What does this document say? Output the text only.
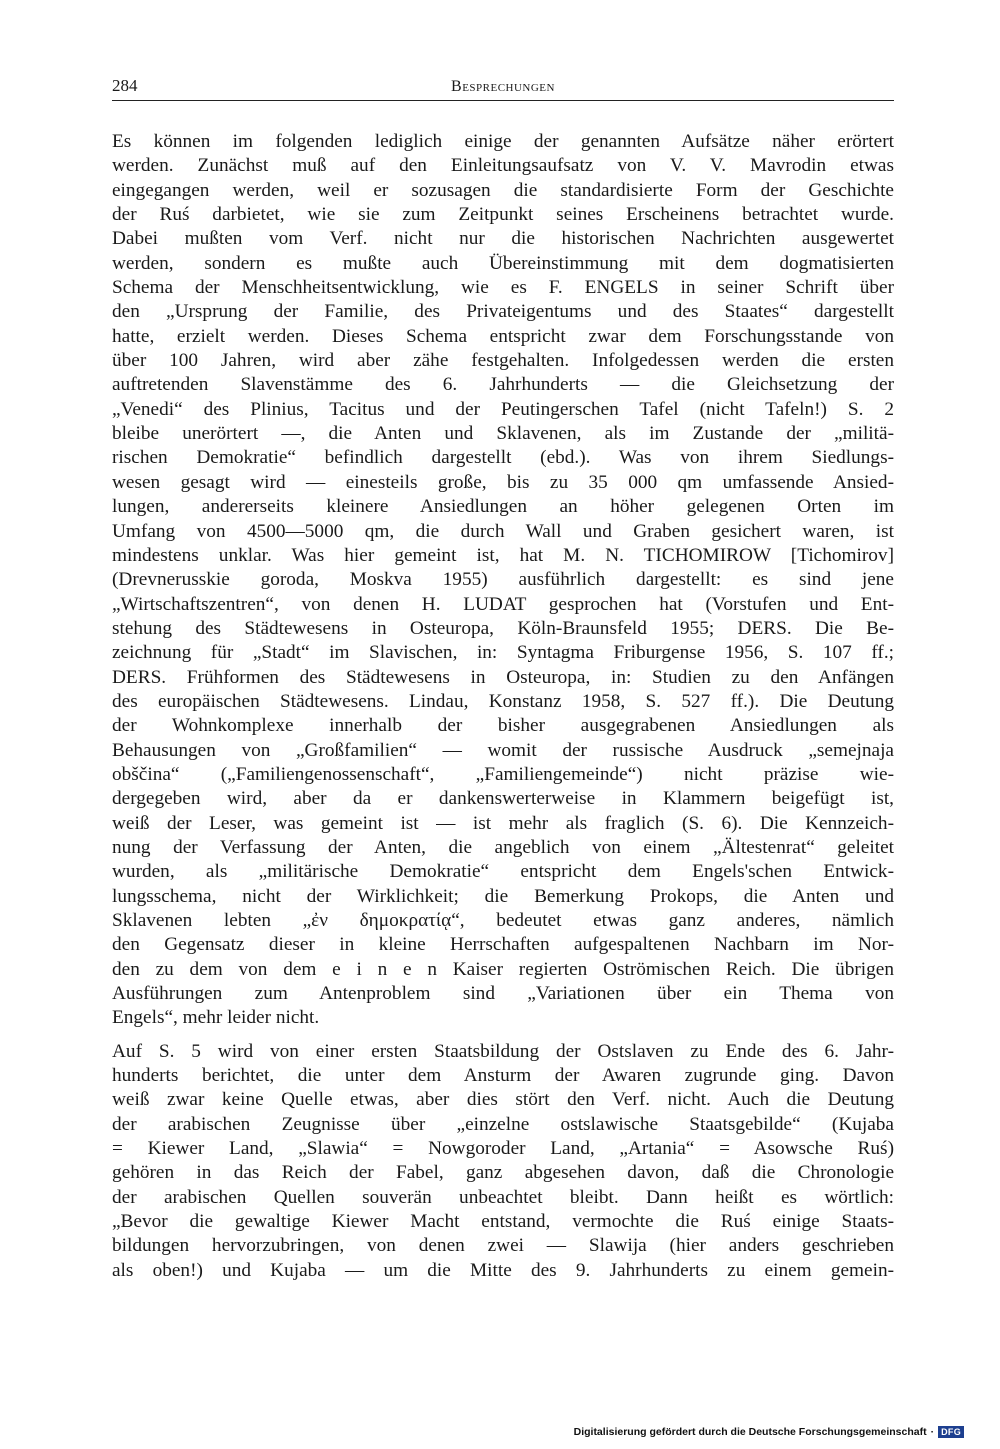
284	Besprechungen

Es können im folgenden lediglich einige der genannten Aufsätze näher erörtert
werden. Zunächst muß auf den Einleitungsaufsatz von V. V. Mavrodin etwas
eingegangen werden, weil er sozusagen die standardisierte Form der Geschichte
der Ruś darbietet, wie sie zum Zeitpunkt seines Erscheinens betrachtet wurde.
Dabei mußten vom Verf. nicht nur die historischen Nachrichten ausgewertet
werden, sondern es mußte auch Übereinstimmung mit dem dogmatisierten
Schema der Menschheitsentwicklung, wie es F. ENGELS in seiner Schrift über
den „Ursprung der Familie, des Privateigentums und des Staates“ dargestellt
hatte, erzielt werden. Dieses Schema entspricht zwar dem Forschungsstande von
über 100 Jahren, wird aber zähe festgehalten. Infolgedessen werden die ersten
auftretenden Slavenstämme des 6. Jahrhunderts — die Gleichsetzung der
„Venedi“ des Plinius, Tacitus und der Peutingerschen Tafel (nicht Tafeln!) S. 2
bleibe unerörtert —, die Anten und Sklavenen, als im Zustande der „militä-
rischen Demokratie“ befindlich dargestellt (ebd.). Was von ihrem Siedlungs-
wesen gesagt wird — einesteils große, bis zu 35 000 qm umfassende Ansied-
lungen, andererseits kleinere Ansiedlungen an höher gelegenen Orten im
Umfang von 4500—5000 qm, die durch Wall und Graben gesichert waren, ist
mindestens unklar. Was hier gemeint ist, hat M. N. TICHOMIROW [Tichomirov]
(Drevnerusskie goroda, Moskva 1955) ausführlich dargestellt: es sind jene
„Wirtschaftszentren“, von denen H. LUDAT gesprochen hat (Vorstufen und Ent-
stehung des Städtewesens in Osteuropa, Köln-Braunsfeld 1955; DERS. Die Be-
zeichnung für „Stadt“ im Slavischen, in: Syntagma Friburgense 1956, S. 107 ff.;
DERS. Frühformen des Städtewesens in Osteuropa, in: Studien zu den Anfängen
des europäischen Städtewesens. Lindau, Konstanz 1958, S. 527 ff.). Die Deutung
der Wohnkomplexe innerhalb der bisher ausgegrabenen Ansiedlungen als
Behausungen von „Großfamilien“ — womit der russische Ausdruck „semejnaja
obščina“ („Familiengenossenschaft“, „Familiengemeinde“) nicht präzise wie-
dergegeben wird, aber da er dankenswerterweise in Klammern beigefügt ist,
weiß der Leser, was gemeint ist — ist mehr als fraglich (S. 6). Die Kennzeich-
nung der Verfassung der Anten, die angeblich von einem „Ältestenrat“ geleitet
wurden, als „militärische Demokratie“ entspricht dem Engels'schen Entwick-
lungsschema, nicht der Wirklichkeit; die Bemerkung Prokops, die Anten und
Sklavenen lebten „ἐν δημοκρατίᾳ“, bedeutet etwas ganz anderes, nämlich
den Gegensatz dieser in kleine Herrschaften aufgespaltenen Nachbarn im Nor-
den zu dem von dem e i n e n Kaiser regierten Oströmischen Reich. Die übrigen
Ausführungen zum Antenproblem sind „Variationen über ein Thema von
Engels“, mehr leider nicht.

Auf S. 5 wird von einer ersten Staatsbildung der Ostslaven zu Ende des 6. Jahr-
hunderts berichtet, die unter dem Ansturm der Awaren zugrunde ging. Davon
weiß zwar keine Quelle etwas, aber dies stört den Verf. nicht. Auch die Deutung
der arabischen Zeugnisse über „einzelne ostslawische Staatsgebilde“ (Kujaba
= Kiewer Land, „Slawia“ = Nowgoroder Land, „Artania“ = Asowsche Ruś)
gehören in das Reich der Fabel, ganz abgesehen davon, daß die Chronologie
der arabischen Quellen souverän unbeachtet bleibt. Dann heißt es wörtlich:
„Bevor die gewaltige Kiewer Macht entstand, vermochte die Ruś einige Staats-
bildungen hervorzubringen, von denen zwei — Slawija (hier anders geschrieben
als oben!) und Kujaba — um die Mitte des 9. Jahrhunderts zu einem gemein-

Digitalisierung gefördert durch die Deutsche Forschungsgemeinschaft · DFG
